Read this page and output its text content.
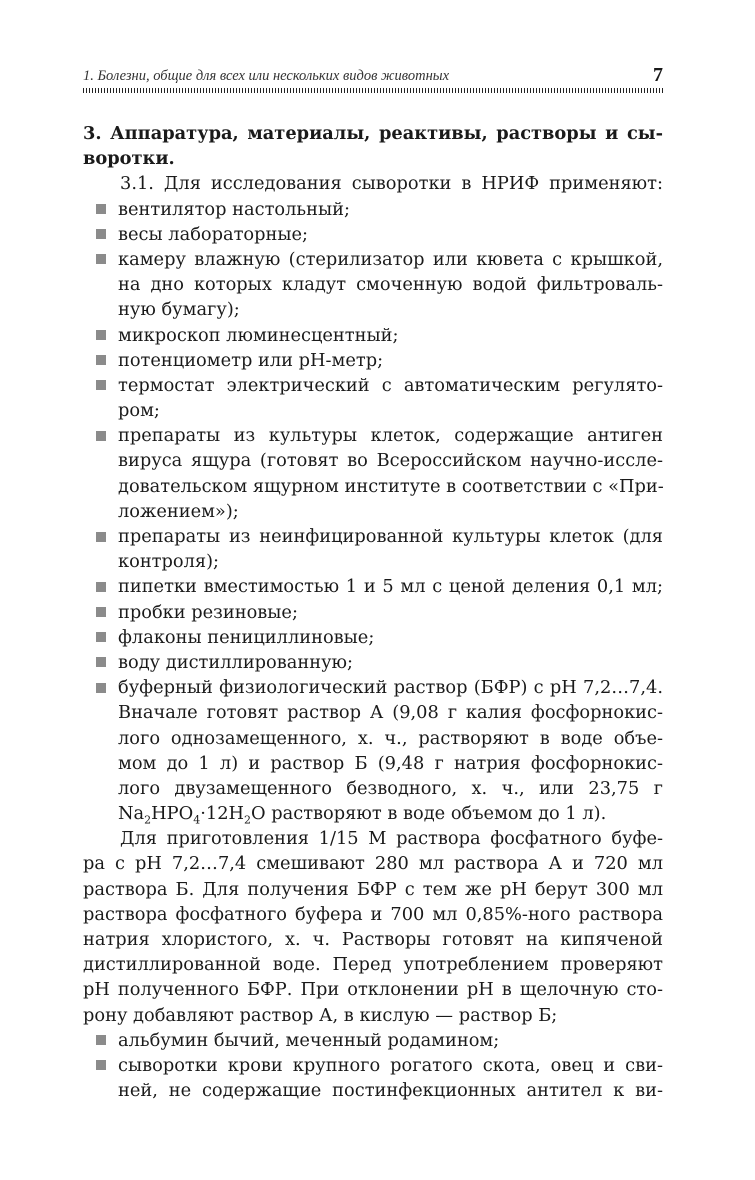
1. Болезни, общие для всех или нескольких видов животных	7
3. Аппаратура, материалы, реактивы, растворы и сы-
воротки.
3.1. Для исследования сыворотки в НРИФ применяют:
вентилятор настольный;
весы лабораторные;
камеру влажную (стерилизатор или кювета с крышкой,
на дно которых кладут смоченную водой фильтроваль-
ную бумагу);
микроскоп люминесцентный;
потенциометр или рН-метр;
термостат электрический с автоматическим регулято-
ром;
препараты из культуры клеток, содержащие антиген
вируса ящура (готовят во Всероссийском научно-иссле-
довательском ящурном институте в соответствии с «При-
ложением»);
препараты из неинфицированной культуры клеток (для
контроля);
пипетки вместимостью 1 и 5 мл с ценой деления 0,1 мл;
пробки резиновые;
флаконы пенициллиновые;
воду дистиллированную;
буферный физиологический раствор (БФР) с рН 7,2…7,4.
Вначале готовят раствор А (9,08 г калия фосфорнокис-
лого однозамещенного, х. ч., растворяют в воде объе-
мом до 1 л) и раствор Б (9,48 г натрия фосфорнокис-
лого двузамещенного безводного, х. ч., или 23,75 г
$Na_2HPO_4\cdot 12H_2O$ растворяют в воде объемом до 1 л).
Для приготовления 1/15 М раствора фосфатного буфе-
ра с рН 7,2…7,4 смешивают 280 мл раствора А и 720 мл
раствора Б. Для получения БФР с тем же рН берут 300 мл
раствора фосфатного буфера и 700 мл 0,85%-ного раствора
натрия хлористого, х. ч. Растворы готовят на кипяченой
дистиллированной воде. Перед употреблением проверяют
рН полученного БФР. При отклонении рН в щелочную сто-
рону добавляют раствор А, в кислую — раствор Б;
альбумин бычий, меченный родамином;
сыворотки крови крупного рогатого скота, овец и сви-
ней, не содержащие постинфекционных антител к ви-
